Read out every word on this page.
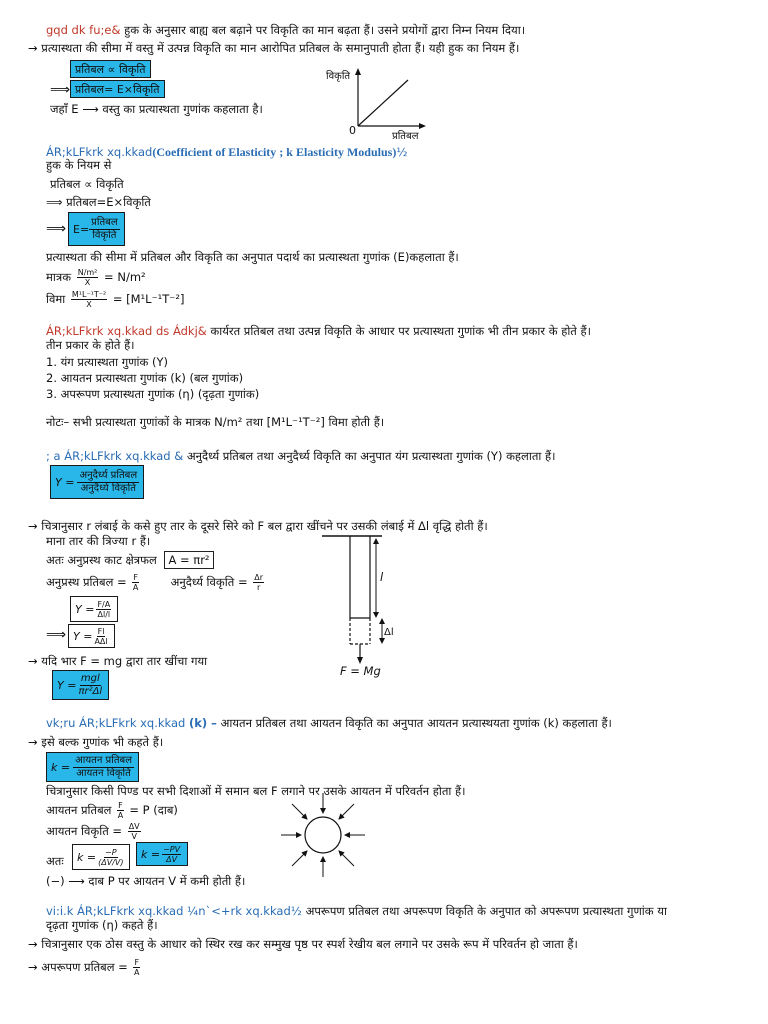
gqd dk fu;e& हुक के अनुसार बाह्य बल बढ़ाने पर विकृति का मान बढ़ता हैं। उसने प्रयोगों द्वारा निम्न नियम दिया।
→ प्रत्यास्थता की सीमा में वस्तु में उत्पन्न विकृति का मान आरोपित प्रतिबल के समानुपाती होता हैं। यही हुक का नियम हैं।
प्रतिबल ∝ विकृति
⟹ प्रतिबल= E×विकृति
जहाँ E ⟶ वस्तु का प्रत्यास्थता गुणांक कहलाता है।
विकृति
प्रतिबल
0
ÁR;kLFkrk xq.kkad(Coefficient of Elasticity ; k Elasticity Modulus)½
हुक के नियम से
प्रतिबल ∝ विकृति
⟹ प्रतिबल=E×विकृति
⟹ E=
प्रतिबल
विकृति
प्रत्यास्थता की सीमा में प्रतिबल और विकृति का अनुपात पदार्थ का प्रत्यास्थता गुणांक (E)कहलाता हैं।
मात्रक $\frac{\text{N/m²}}{X} = N/m^2$
विमा $\frac{\text{M¹L⁻¹T⁻²}}{X} = [M^1L^{-1}T^{-2}]$
ÁR;kLFkrk xq.kkad ds Ádkj& कार्यरत प्रतिबल तथा उत्पन्न विकृति के आधार पर प्रत्यास्थता गुणांक भी तीन प्रकार के होते हैं।
तीन प्रकार के होते हैं।
1. यंग प्रत्यास्थता गुणांक (Y)
2. आयतन प्रत्यास्थता गुणांक (k) (बल गुणांक)
3. अपरूपण प्रत्यास्थता गुणांक (η) (दृढ़ता गुणांक)
नोटः– सभी प्रत्यास्थता गुणांकों के मात्रक N/m² तथा [M¹L⁻¹T⁻²] विमा होती हैं।
; a ÁR;kLFkrk xq.kkad & अनुदैर्ध्य प्रतिबल तथा अनुदैर्ध्य विकृति का अनुपात यंग प्रत्यास्थता गुणांक (Y) कहलाता हैं।
Y =
अनुदैर्ध्य प्रतिबल
अनुदैर्ध्य विकृति
→ चित्रानुसार r लंबाई के कसे हुए तार के दूसरे सिरे को F बल द्वारा खींचने पर उसकी लंबाई में Δl वृद्धि होती हैं।
माना तार की त्रिज्या r हैं।
अतः अनुप्रस्थ काट क्षेत्रफल A = πr²
अनुप्रस्थ प्रतिबल = $\frac{F}{A}$	अनुदैर्ध्य विकृति = $\frac{\Delta r}{r}$
$Y = \frac{F/A}{\Delta l/l}$
⟹ $Y = \frac{Fl}{\text{AΔl}}$
→ यदि भार F = mg द्वारा तार खींचा गया
$Y = \frac{\text{mgl}}{\text{πr²Δl}}$
l
Δl
F = Mg
vk;ru ÁR;kLFkrk xq.kkad (k) – आयतन प्रतिबल तथा आयतन विकृति का अनुपात आयतन प्रत्यास्थयता गुणांक (k) कहलाता हैं।
→ इसे बल्क गुणांक भी कहते हैं।
k =
आयतन प्रतिबल
आयतन विकृति
चित्रानुसार किसी पिण्ड पर सभी दिशाओं में समान बल F लगाने पर उसके आयतन में परिवर्तन होता हैं।
आयतन प्रतिबल $\frac{F}{A} = P$ (दाब)
आयतन विकृति = $\frac{\Delta V}{V}$
अतः $k = \frac{-P}{(\Delta V/V)}$ $k = \frac{-PV}{\Delta V}$
(−) ⟶ दाब P पर आयतन V में कमी होती हैं।
vi:i.k ÁR;kLFkrk xq.kkad ¼n`<+rk xq.kkad½ अपरूपण प्रतिबल तथा अपरूपण विकृति के अनुपात को अपरूपण प्रत्यास्थता गुणांक या
दृढ़ता गुणांक (η) कहते हैं।
→ चित्रानुसार एक ठोस वस्तु के आधार को स्थिर रख कर सम्मुख पृष्ठ पर स्पर्श रेखीय बल लगाने पर उसके रूप में परिवर्तन हो जाता हैं।
→ अपरूपण प्रतिबल = $\frac{F}{A}$
